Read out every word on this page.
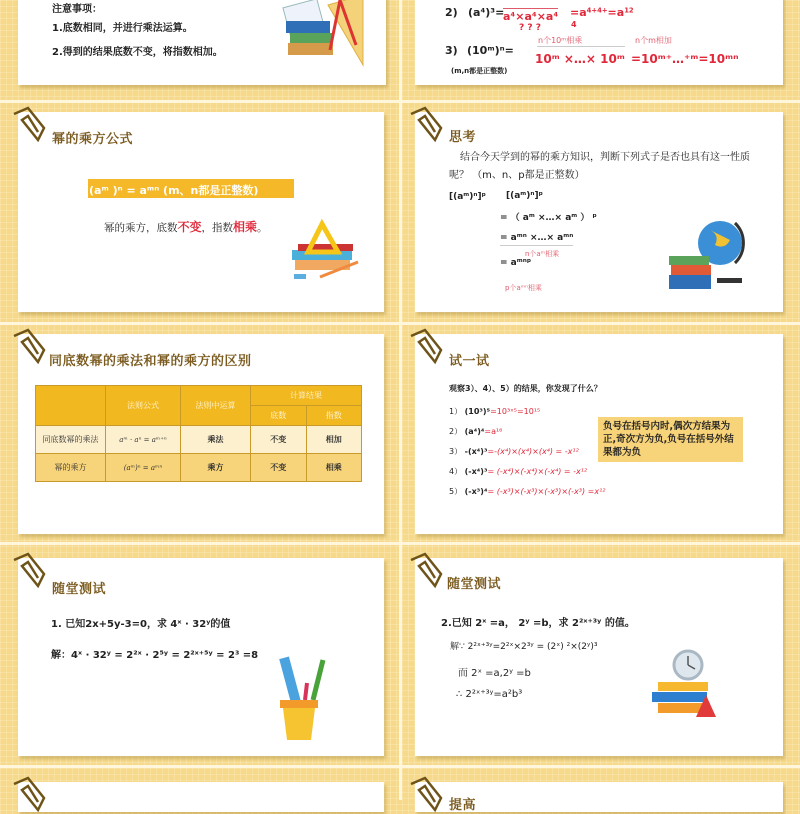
注意事项：
1.底数相同，并进行乘法运算。
2.得到的结果底数不变，将指数相加。
2) (a⁴)³=
a⁴×a⁴×a⁴
? ? ?
$=a^{4+4+}=a^{12}$
4
3) (10ᵐ)ⁿ=
(m,n都是正整数)
n个10ᵐ相乘
10ᵐ ×…× 10ᵐ
n个m相加
=10ᵐ⁺…⁺ᵐ=10ᵐⁿ
幂的乘方公式
(aᵐ )ⁿ = aᵐⁿ (m、n都是正整数)
幂的乘方，底数不变，指数相乘。
思考
结合今天学到的幂的乘方知识，判断下列式子是否也具有这一性质
呢？ （m、n、p都是正整数）
[(aᵐ)ⁿ]ᵖ [(aᵐ)ⁿ]ᵖ
= （ aᵐ ×…× aᵐ ） ᵖ
= aᵐⁿ ×…× aᵐⁿ
n个aᵐ相乘
= aᵐⁿᵖ
p个aᵐⁿ相乘
同底数幂的乘法和幂的乘方的区别
	法则公式	法则中运算	计算结果	
			底数	指数
同底数幂的乘法	aᵐ · aⁿ = aᵐ⁺ⁿ	乘法	不变	相加
幂的乘方	(aᵐ)ⁿ = aᵐⁿ	乘方	不变	相乘
试一试
观察3）、4）、5）的结果，你发现了什么？
1） (10³)⁵=10³ˣ⁵=10¹⁵
2） (a⁴)⁴=a¹⁶
3） -(x⁴)³=-(x⁴)×(x⁴)×(x⁴) = -x¹²
4） (-x⁴)³= (-x⁴)×(-x⁴)×(-x⁴) = -x¹²
5） (-x³)⁴= (-x³)×(-x³)×(-x³)×(-x³) =x¹²
负号在括号内时,偶次方结果为正,奇次方为负,负号在括号外结果都为负
随堂测试
1. 已知2x+5y-3=0，求 4ˣ · 32ʸ的值
解：4ˣ · 32ʸ = 2²ˣ · 2⁵ʸ = 2²ˣ⁺⁵ʸ = 2³ =8
随堂测试
2.已知 2ˣ =a， 2ʸ =b，求 2²ˣ⁺³ʸ 的值。
解∵ 2²ˣ⁺³ʸ=2²ˣ×2³ʸ = (2ˣ) ²×(2ʸ)³
而 2ˣ =a,2ʸ =b
∴ 2²ˣ⁺³ʸ=a²b³
提高
